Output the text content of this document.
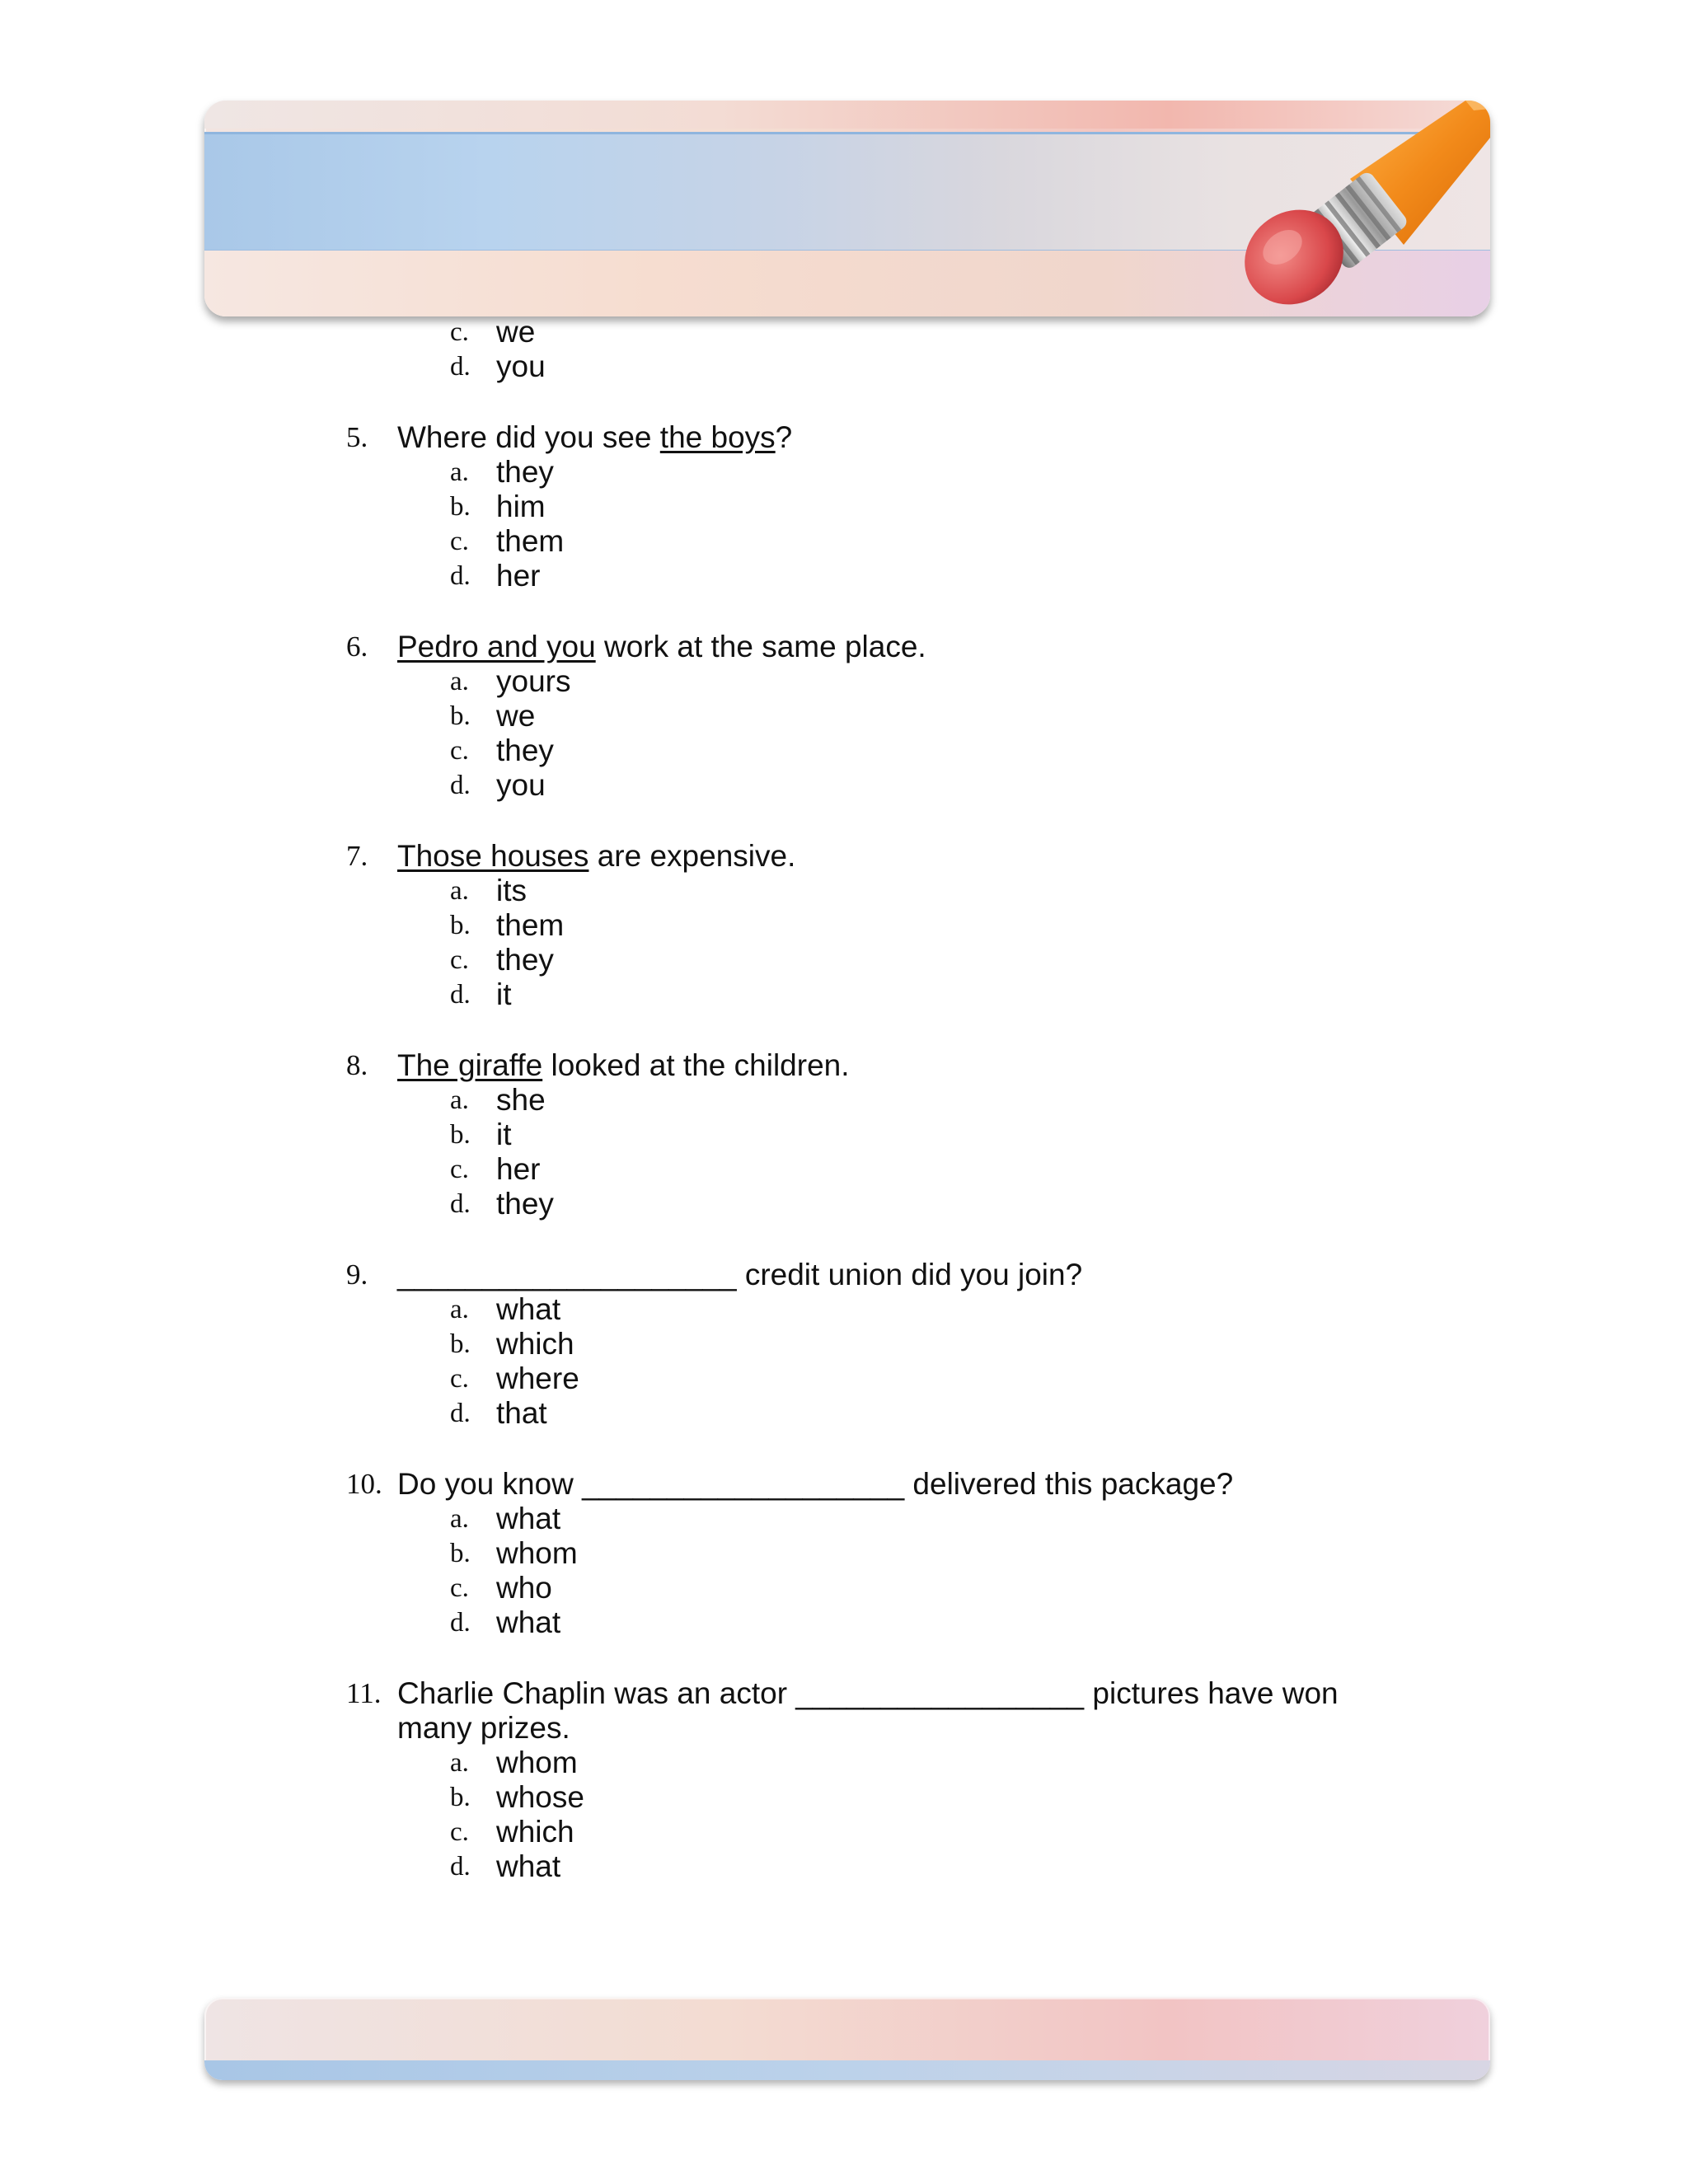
c. we
d. you
5. Where did you see the boys?
a. they
b. him
c. them
d. her
6. Pedro and you work at the same place.
a. yours
b. we
c. they
d. you
7. Those houses are expensive.
a. its
b. them
c. they
d. it
8. The giraffe looked at the children.
a. she
b. it
c. her
d. they
9. ____________________ credit union did you join?
a. what
b. which
c. where
d. that
10. Do you know ___________________ delivered this package?
a. what
b. whom
c. who
d. what
11. Charlie Chaplin was an actor _________________ pictures have won many prizes.
a. whom
b. whose
c. which
d. what
